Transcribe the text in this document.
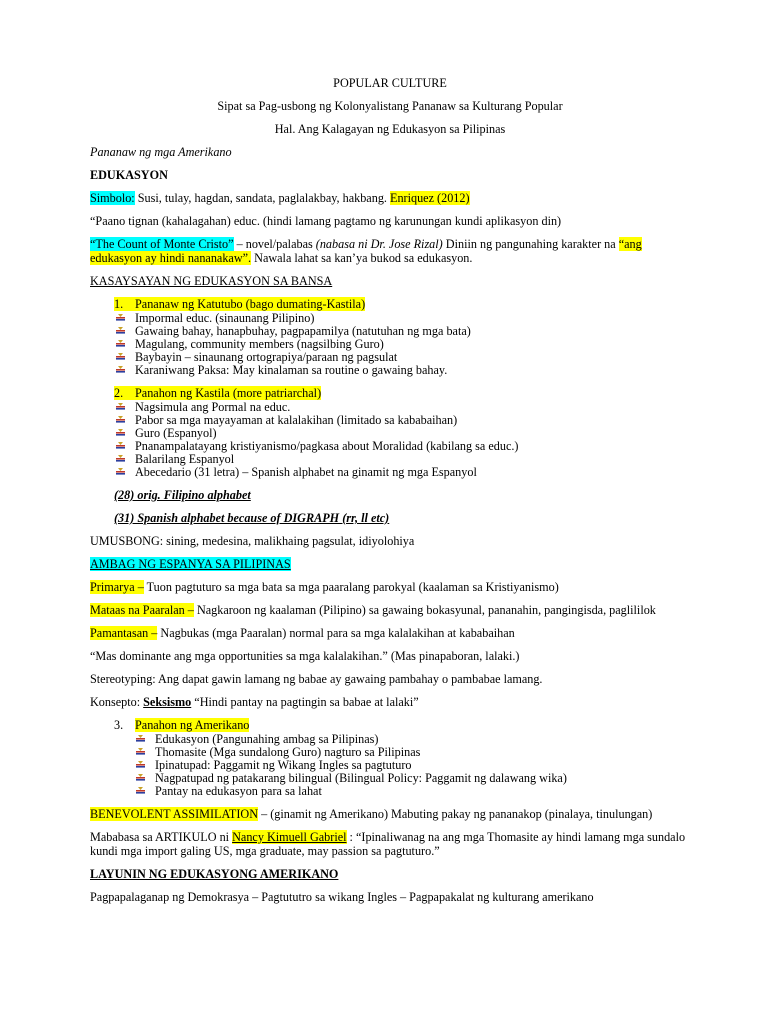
POPULAR CULTURE

Sipat sa Pag-usbong ng Kolonyalistang Pananaw sa Kulturang Popular

Hal. Ang Kalagayan ng Edukasyon sa Pilipinas

Pananaw ng mga Amerikano

EDUKASYON

Simbolo: Susi, tulay, hagdan, sandata, paglalakbay, hakbang. Enriquez (2012)

“Paano tignan (kahalagahan) educ. (hindi lamang pagtamo ng karunungan kundi aplikasyon din)

“The Count of Monte Cristo” – novel/palabas (nabasa ni Dr. Jose Rizal) Diniin ng pangunahing karakter na “ang edukasyon ay hindi nananakaw”. Nawala lahat sa kan’ya bukod sa edukasyon.

KASAYSAYAN NG EDUKASYON SA BANSA

1. Pananaw ng Katutubo (bago dumating-Kastila)

Impormal educ. (sinaunang Pilipino)
Gawaing bahay, hanapbuhay, pagpapamilya (natutuhan ng mga bata)
Magulang, community members (nagsilbing Guro)
Baybayin – sinaunang ortograpiya/paraan ng pagsulat
Karaniwang Paksa: May kinalaman sa routine o gawaing bahay.

2. Panahon ng Kastila (more patriarchal)

Nagsimula ang Pormal na educ.
Pabor sa mga mayayaman at kalalakihan (limitado sa kababaihan)
Guro (Espanyol)
Pnanampalatayang kristiyanismo/pagkasa about Moralidad (kabilang sa educ.)
Balarilang Espanyol
Abecedario (31 letra) – Spanish alphabet na ginamit ng mga Espanyol

(28) orig. Filipino alphabet

(31) Spanish alphabet because of DIGRAPH (rr, ll etc)

UMUSBONG: sining, medesina, malikhaing pagsulat, idiyolohiya

AMBAG NG ESPANYA SA PILIPINAS

Primarya – Tuon pagtuturo sa mga bata sa mga paaralang parokyal (kaalaman sa Kristiyanismo)

Mataas na Paaralan – Nagkaroon ng kaalaman (Pilipino) sa gawaing bokasyunal, pananahin, pangingisda, paglililok

Pamantasan – Nagbukas (mga Paaralan) normal para sa mga kalalakihan at kababaihan

“Mas dominante ang mga opportunities sa mga kalalakihan.” (Mas pinapaboran, lalaki.)

Stereotyping: Ang dapat gawin lamang ng babae ay gawaing pambahay o pambabae lamang.

Konsepto: Seksismo “Hindi pantay na pagtingin sa babae at lalaki”

3. Panahon ng Amerikano

Edukasyon (Pangunahing ambag sa Pilipinas)
Thomasite (Mga sundalong Guro) nagturo sa Pilipinas
Ipinatupad: Paggamit ng Wikang Ingles sa pagtuturo
Nagpatupad ng patakarang bilingual (Bilingual Policy: Paggamit ng dalawang wika)
Pantay na edukasyon para sa lahat

BENEVOLENT ASSIMILATION – (ginamit ng Amerikano) Mabuting pakay ng pananakop (pinalaya, tinulungan)

Mababasa sa ARTIKULO ni Nancy Kimuell Gabriel : “Ipinaliwanag na ang mga Thomasite ay hindi lamang mga sundalo kundi mga import galing US, mga graduate, may passion sa pagtuturo.”

LAYUNIN NG EDUKASYONG AMERIKANO

Pagpapalaganap ng Demokrasya – Pagtututro sa wikang Ingles – Pagpapakalat ng kulturang amerikano
